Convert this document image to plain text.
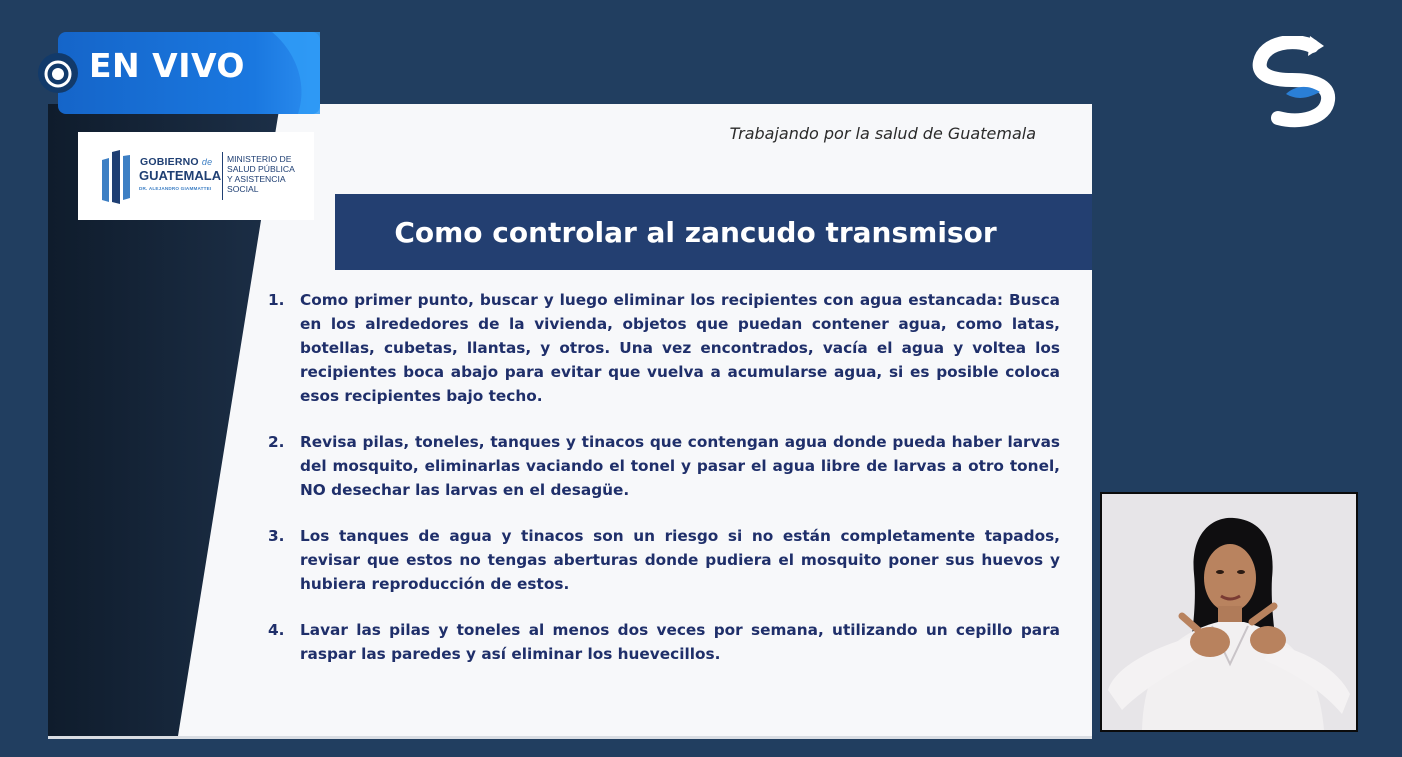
Trabajando por la salud de Guatemala
GOBIERNO de
GUATEMALA
DR. ALEJANDRO GIAMMATTEI
MINISTERIO DE
SALUD PÚBLICA
Y ASISTENCIA
SOCIAL
Como controlar al zancudo transmisor
1. Como primer punto, buscar y luego eliminar los recipientes con agua estancada: Busca en los alrededores de la vivienda, objetos que puedan contener agua, como latas, botellas, cubetas, llantas, y otros. Una vez encontrados, vacía el agua y voltea los recipientes boca abajo para evitar que vuelva a acumularse agua, si es posible coloca esos recipientes bajo techo.
2. Revisa pilas, toneles, tanques y tinacos que contengan agua donde pueda haber larvas del mosquito, eliminarlas vaciando el tonel y pasar el agua libre de larvas a otro tonel, NO desechar las larvas en el desagüe.
3. Los tanques de agua y tinacos son un riesgo si no están completamente tapados, revisar que estos no tengas aberturas donde pudiera el mosquito poner sus huevos y hubiera reproducción de estos.
4. Lavar las pilas y toneles al menos dos veces por semana, utilizando un cepillo para raspar las paredes y así eliminar los huevecillos.
EN VIVO
